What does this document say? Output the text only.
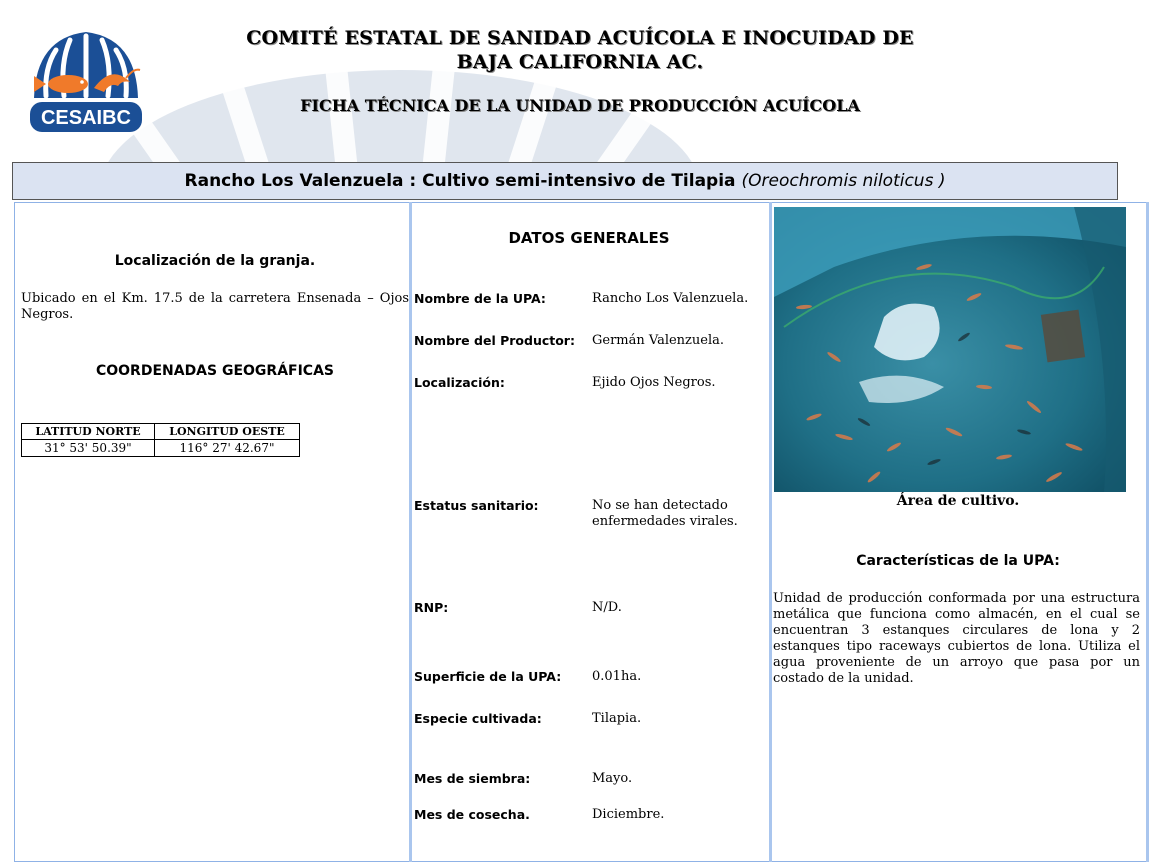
CESAIBC
COMITÉ ESTATAL DE SANIDAD ACUÍCOLA E INOCUIDAD DE
BAJA CALIFORNIA AC.
FICHA TÉCNICA DE LA UNIDAD DE PRODUCCIÓN ACUÍCOLA
Rancho Los Valenzuela : Cultivo semi-intensivo de Tilapia (Oreochromis niloticus )
Localización de la granja.
Ubicado en el Km. 17.5 de la carretera Ensenada – Ojos Negros.
COORDENADAS GEOGRÁFICAS
LATITUD NORTE	LONGITUD OESTE
31° 53' 50.39"	116° 27' 42.67"
DATOS GENERALES
Nombre de la UPA:	Rancho Los Valenzuela.
Nombre del Productor:	Germán Valenzuela.
Localización:	Ejido Ojos Negros.
Estatus sanitario:	No se han detectado enfermedades virales.
RNP:	N/D.
Superficie de la UPA:	0.01ha.
Especie cultivada:	Tilapia.
Mes de siembra:	Mayo.
Mes de cosecha.	Diciembre.
Área de cultivo.
Características de la UPA:
Unidad de producción conformada por una estructura metálica que funciona como almacén, en el cual se encuentran 3 estanques circulares de lona y 2 estanques tipo raceways cubiertos de lona. Utiliza el agua proveniente de un arroyo que pasa por un costado de la unidad.
